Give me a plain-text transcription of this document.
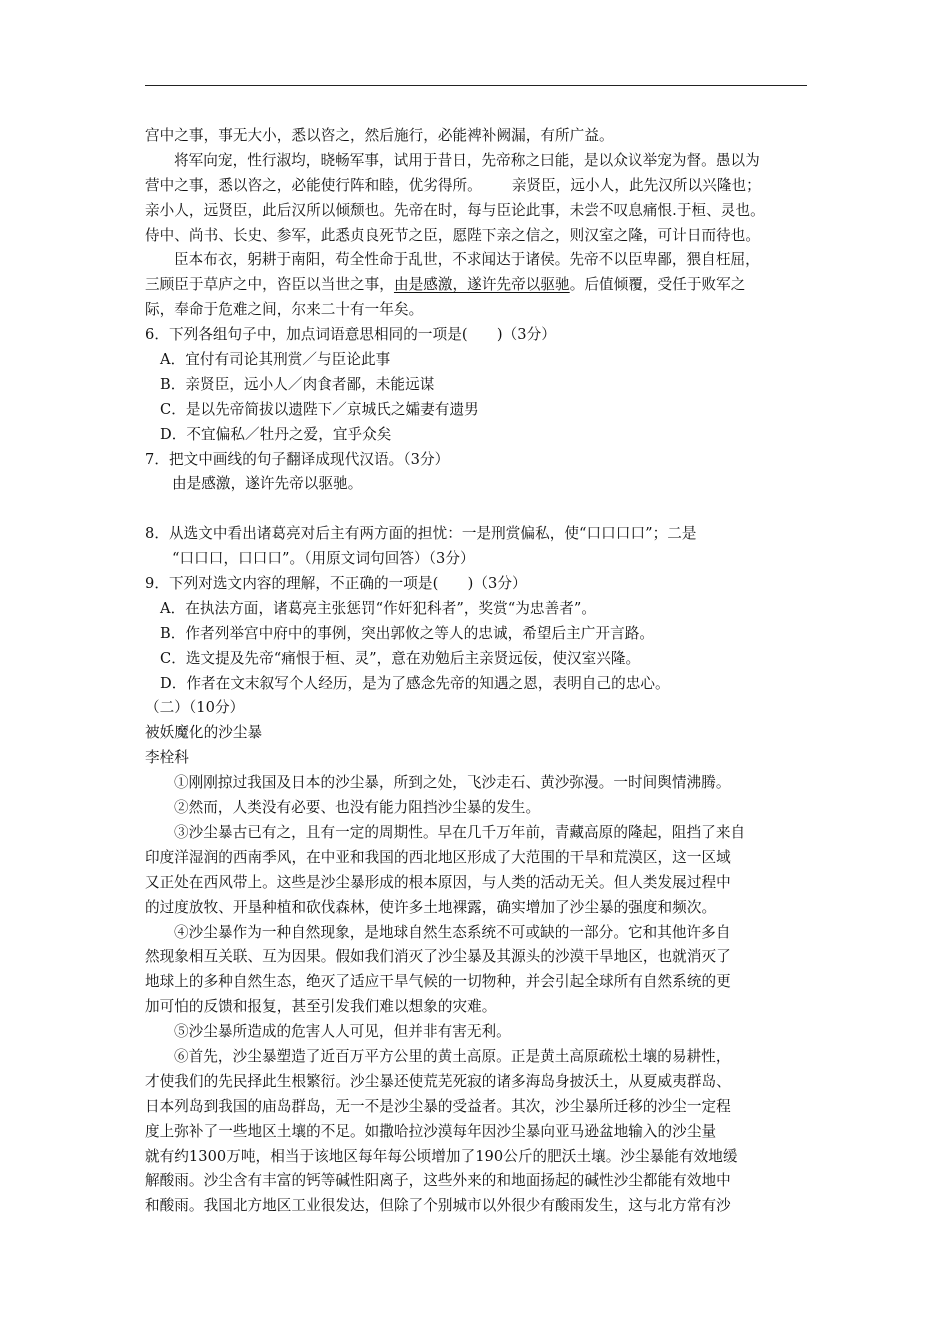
宫中之事，事无大小，悉以咨之，然后施行，必能裨补阙漏，有所广益。
将军向宠，性行淑均，晓畅军事，试用于昔日，先帝称之曰能，是以众议举宠为督。愚以为
营中之事，悉以咨之，必能使行阵和睦，优劣得所。 亲贤臣，远小人，此先汉所以兴隆也；
亲小人，远贤臣，此后汉所以倾颓也。先帝在时，每与臣论此事，未尝不叹息痛恨.于桓、灵也。
侍中、尚书、长史、参军，此悉贞良死节之臣，愿陛下亲之信之，则汉室之隆，可计日而待也。
臣本布衣，躬耕于南阳，苟全性命于乱世，不求闻达于诸侯。先帝不以臣卑鄙，猥自枉屈，
三顾臣于草庐之中，咨臣以当世之事，由是感激，遂许先帝以驱驰。后值倾覆，受任于败军之
际，奉命于危难之间，尔来二十有一年矣。
6．下列各组句子中，加点词语意思相同的一项是(　　)（3分）
A．宜付有司论其刑赏／与臣论此事
B．亲贤臣，远小人／肉食者鄙，未能远谋
C．是以先帝简拔以遗陛下／京城氏之孀妻有遗男
D．不宜偏私／牡丹之爱，宜乎众矣
7．把文中画线的句子翻译成现代汉语。（3分）
由是感激，遂许先帝以驱驰。
8．从选文中看出诸葛亮对后主有两方面的担忧：一是刑赏偏私，使“口口口口”；二是
“口口口，口口口”。（用原文词句回答）（3分）
9．下列对选文内容的理解，不正确的一项是(　　)（3分）
A．在执法方面，诸葛亮主张惩罚“作奸犯科者”，奖赏“为忠善者”。
B．作者列举宫中府中的事例，突出郭攸之等人的忠诚，希望后主广开言路。
C．选文提及先帝“痛恨于桓、灵”，意在劝勉后主亲贤远佞，使汉室兴隆。
D．作者在文末叙写个人经历，是为了感念先帝的知遇之恩，表明自己的忠心。
（二）（10分）
被妖魔化的沙尘暴
李栓科
①刚刚掠过我国及日本的沙尘暴，所到之处，飞沙走石、黄沙弥漫。一时间舆情沸腾。
②然而，人类没有必要、也没有能力阻挡沙尘暴的发生。
③沙尘暴古已有之，且有一定的周期性。早在几千万年前，青藏高原的隆起，阻挡了来自
印度洋湿润的西南季风，在中亚和我国的西北地区形成了大范围的干旱和荒漠区，这一区域
又正处在西风带上。这些是沙尘暴形成的根本原因，与人类的活动无关。但人类发展过程中
的过度放牧、开垦种植和砍伐森林，使许多土地裸露，确实增加了沙尘暴的强度和频次。
④沙尘暴作为一种自然现象，是地球自然生态系统不可或缺的一部分。它和其他许多自
然现象相互关联、互为因果。假如我们消灭了沙尘暴及其源头的沙漠干旱地区，也就消灭了
地球上的多种自然生态，绝灭了适应干旱气候的一切物种，并会引起全球所有自然系统的更
加可怕的反馈和报复，甚至引发我们难以想象的灾难。
⑤沙尘暴所造成的危害人人可见，但并非有害无利。
⑥首先，沙尘暴塑造了近百万平方公里的黄土高原。正是黄土高原疏松土壤的易耕性，
才使我们的先民择此生根繁衍。沙尘暴还使荒芜死寂的诸多海岛身披沃土，从夏威夷群岛、
日本列岛到我国的庙岛群岛，无一不是沙尘暴的受益者。其次，沙尘暴所迁移的沙尘一定程
度上弥补了一些地区土壤的不足。如撒哈拉沙漠每年因沙尘暴向亚马逊盆地输入的沙尘量
就有约1300万吨，相当于该地区每年每公顷增加了190公斤的肥沃土壤。沙尘暴能有效地缓
解酸雨。沙尘含有丰富的钙等碱性阳离子，这些外来的和地面扬起的碱性沙尘都能有效地中
和酸雨。我国北方地区工业很发达，但除了个别城市以外很少有酸雨发生，这与北方常有沙
